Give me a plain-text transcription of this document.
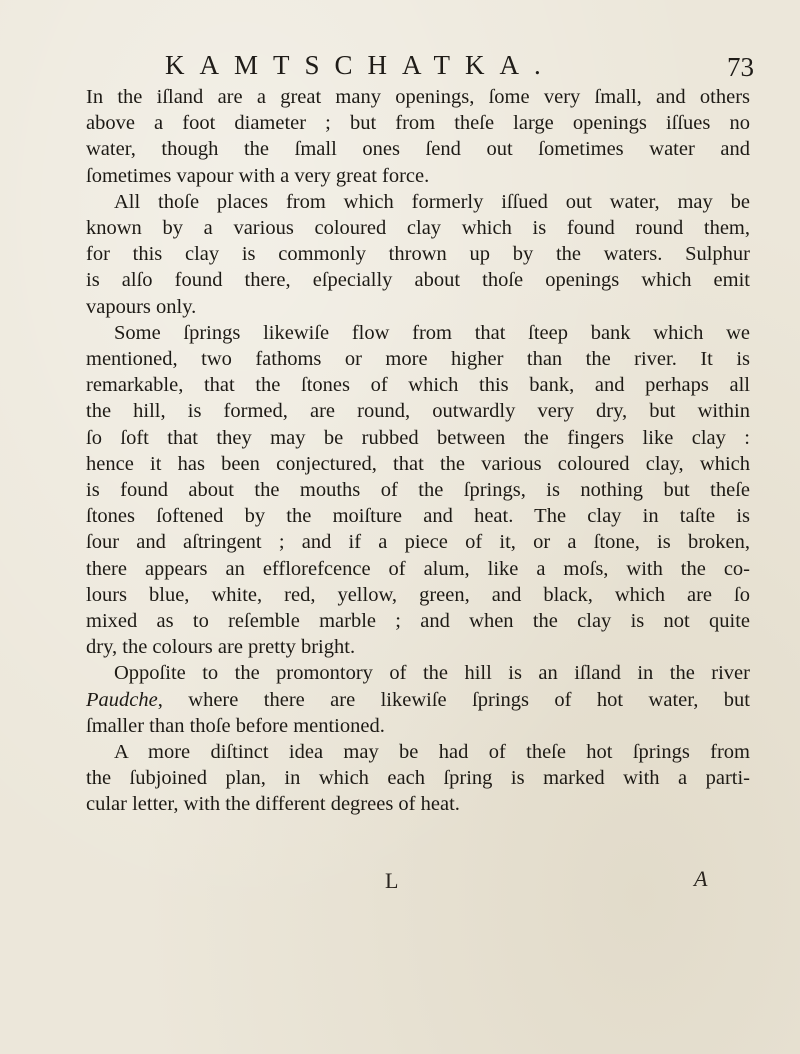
KAMTSCHATKA.	73
In the iſland are a great many openings, ſome very ſmall, and others
above a foot diameter ; but from theſe large openings iſſues no
water, though the ſmall ones ſend out ſometimes water and
ſometimes vapour with a very great force.
All thoſe places from which formerly iſſued out water, may be
known by a various coloured clay which is found round them,
for this clay is commonly thrown up by the waters. Sulphur
is alſo found there, eſpecially about thoſe openings which emit
vapours only.
Some ſprings likewiſe flow from that ſteep bank which we
mentioned, two fathoms or more higher than the river. It is
remarkable, that the ſtones of which this bank, and perhaps all
the hill, is formed, are round, outwardly very dry, but within
ſo ſoft that they may be rubbed between the fingers like clay :
hence it has been conjectured, that the various coloured clay, which
is found about the mouths of the ſprings, is nothing but theſe
ſtones ſoftened by the moiſture and heat. The clay in taſte is
ſour and aſtringent ; and if a piece of it, or a ſtone, is broken,
there appears an efflorefcence of alum, like a moſs, with the co-
lours blue, white, red, yellow, green, and black, which are ſo
mixed as to reſemble marble ; and when the clay is not quite
dry, the colours are pretty bright.
Oppoſite to the promontory of the hill is an iſland in the river
Paudche, where there are likewiſe ſprings of hot water, but
ſmaller than thoſe before mentioned.
A more diſtinct idea may be had of theſe hot ſprings from
the ſubjoined plan, in which each ſpring is marked with a parti-
cular letter, with the different degrees of heat.
L	A
